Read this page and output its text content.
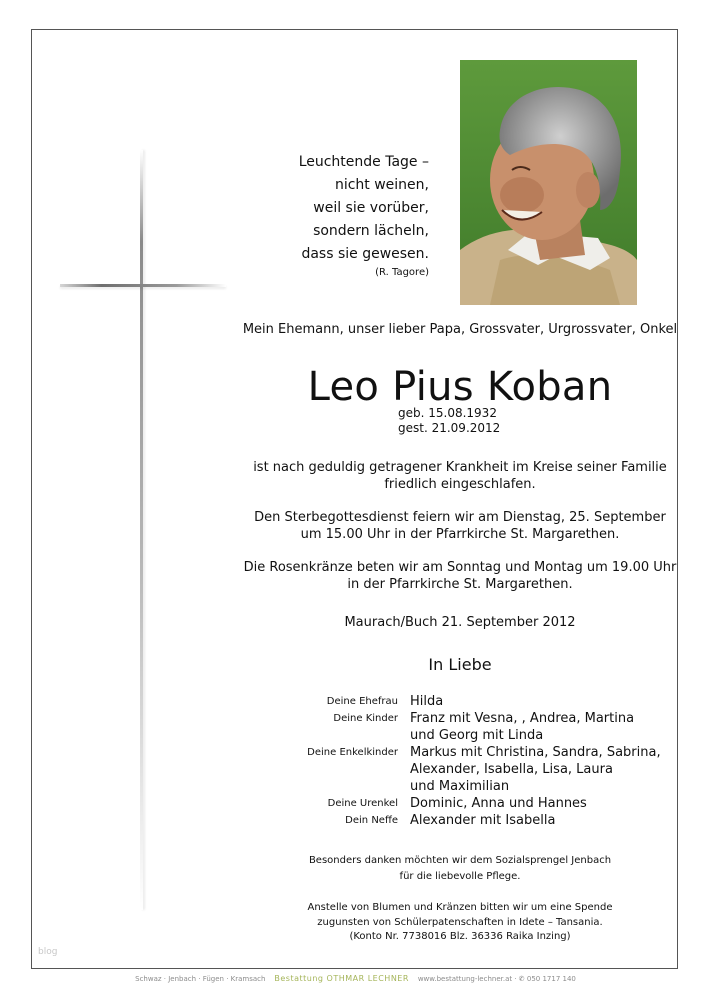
Leuchtende Tage –
nicht weinen,
weil sie vorüber,
sondern lächeln,
dass sie gewesen.
(R. Tagore)
Mein Ehemann, unser lieber Papa, Grossvater, Urgrossvater, Onkel
Leo Pius Koban
geb. 15.08.1932
gest. 21.09.2012
ist nach geduldig getragener Krankheit im Kreise seiner Familie
friedlich eingeschlafen.
Den Sterbegottesdienst feiern wir am Dienstag, 25. September
um 15.00 Uhr in der Pfarrkirche St. Margarethen.
Die Rosenkränze beten wir am Sonntag und Montag um 19.00 Uhr
in der Pfarrkirche St. Margarethen.
Maurach/Buch 21. September 2012
In Liebe
Deine Ehefrau Hilda
Deine Kinder Franz mit Vesna, , Andrea, Martina
und Georg mit Linda
Deine Enkelkinder Markus mit Christina, Sandra, Sabrina,
Alexander, Isabella, Lisa, Laura
und Maximilian
Deine Urenkel Dominic, Anna und Hannes
Dein Neffe Alexander mit Isabella
Besonders danken möchten wir dem Sozialsprengel Jenbach
für die liebevolle Pflege.
Anstelle von Blumen und Kränzen bitten wir um eine Spende
zugunsten von Schülerpatenschaften in Idete – Tansania.
(Konto Nr. 7738016 Blz. 36336 Raika Inzing)
blog
Schwaz · Jenbach · Fügen · Kramsach Bestattung OTHMAR LECHNER www.bestattung-lechner.at · ✆ 050 1717 140
